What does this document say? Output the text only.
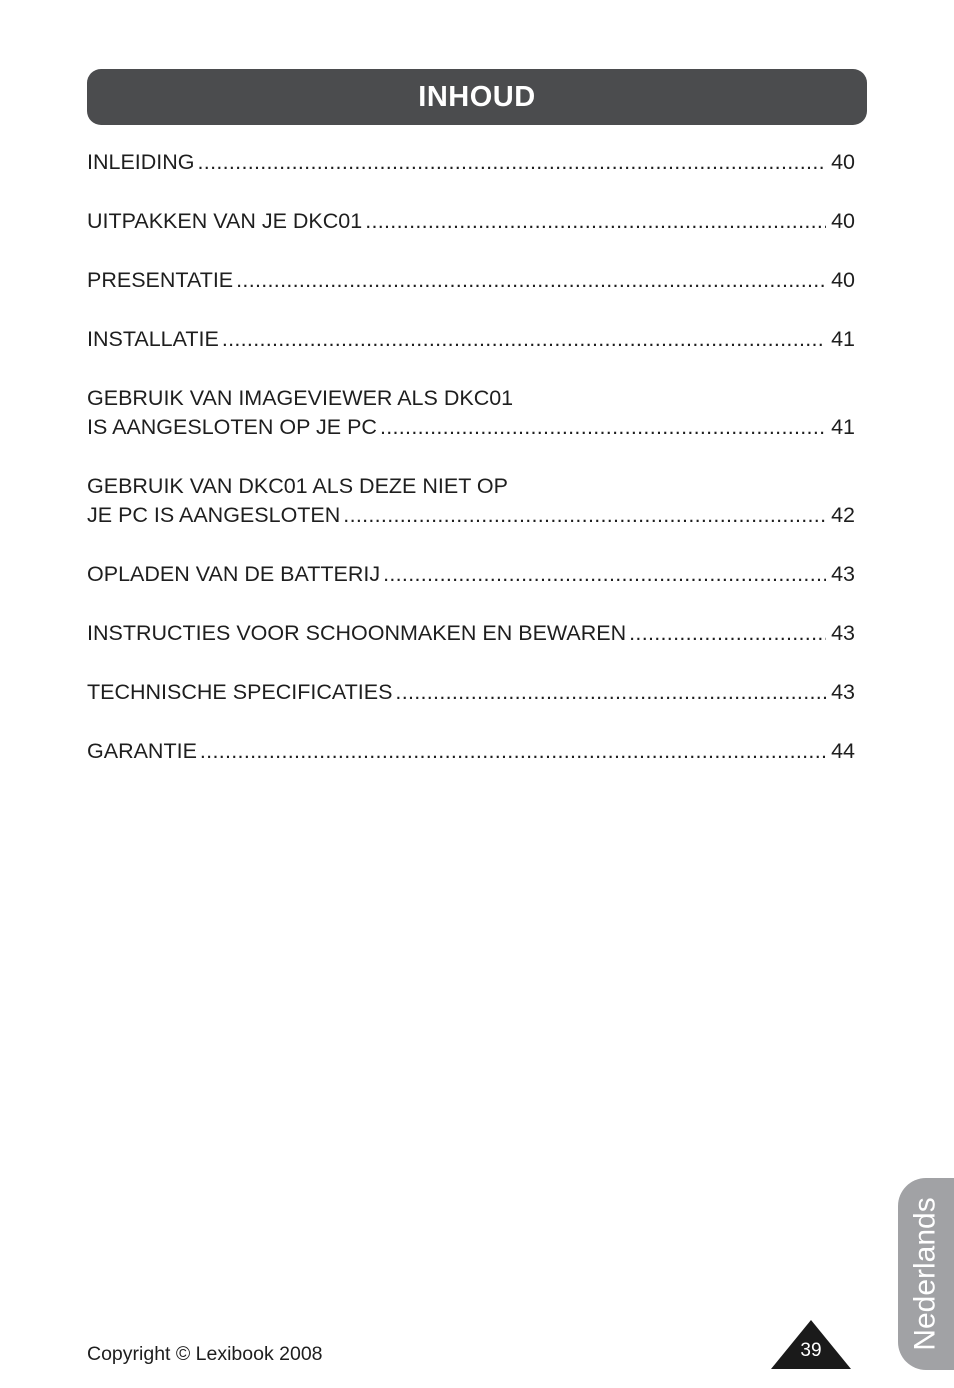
INHOUD
INLEIDING .....	40
UITPAKKEN VAN JE DKC01 .....	40
PRESENTATIE .....	40
INSTALLATIE .....	41
GEBRUIK VAN IMAGEVIEWER ALS DKC01
IS AANGESLOTEN OP JE PC .....	41
GEBRUIK VAN DKC01 ALS DEZE NIET OP
JE PC IS AANGESLOTEN .....	42
OPLADEN VAN DE BATTERIJ .....	43
INSTRUCTIES VOOR SCHOONMAKEN EN BEWAREN .....	43
TECHNISCHE SPECIFICATIES .....	43
GARANTIE .....	44
Copyright © Lexibook 2008	39	Nederlands
